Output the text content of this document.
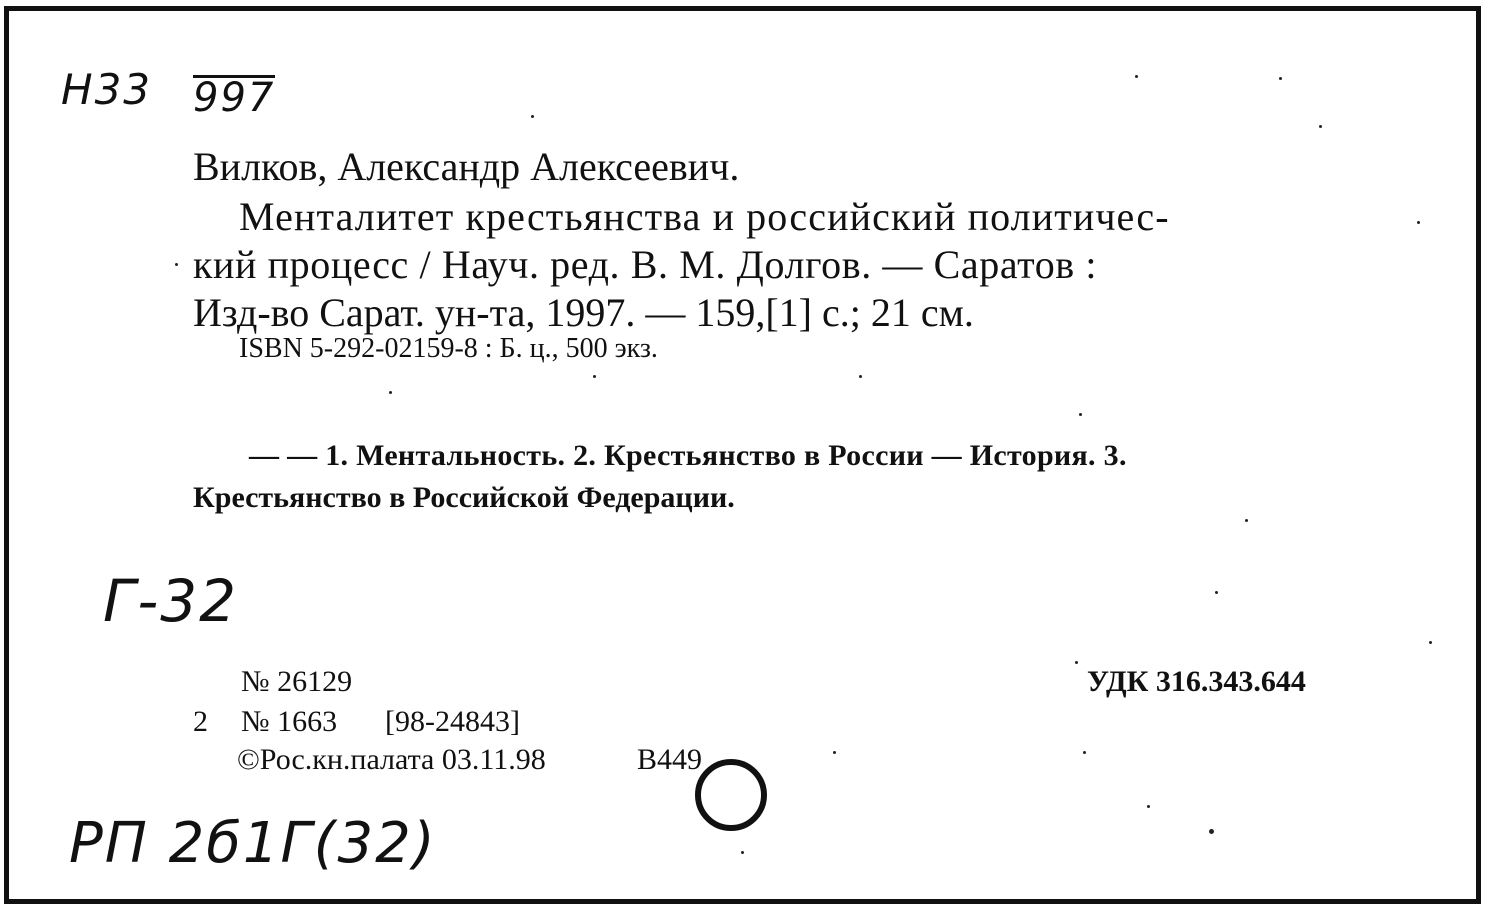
Н33 997
Вилков, Александр Алексеевич.
Менталитет крестьянства и российский политичес-
кий процесс / Науч. ред. В. М. Долгов. — Саратов :
Изд-во Сарат. ун-та, 1997. — 159,[1] с.; 21 см.
ISBN 5-292-02159-8 : Б. ц., 500 экз.
— — 1. Ментальность. 2. Крестьянство в России — История. 3.
Крестьянство в Российской Федерации.
Г-32
№ 26129
2 № 1663 [98-24843]
©Рос.кн.палата 03.11.98	В449
УДК 316.343.644
РП 2б1Г(32)
